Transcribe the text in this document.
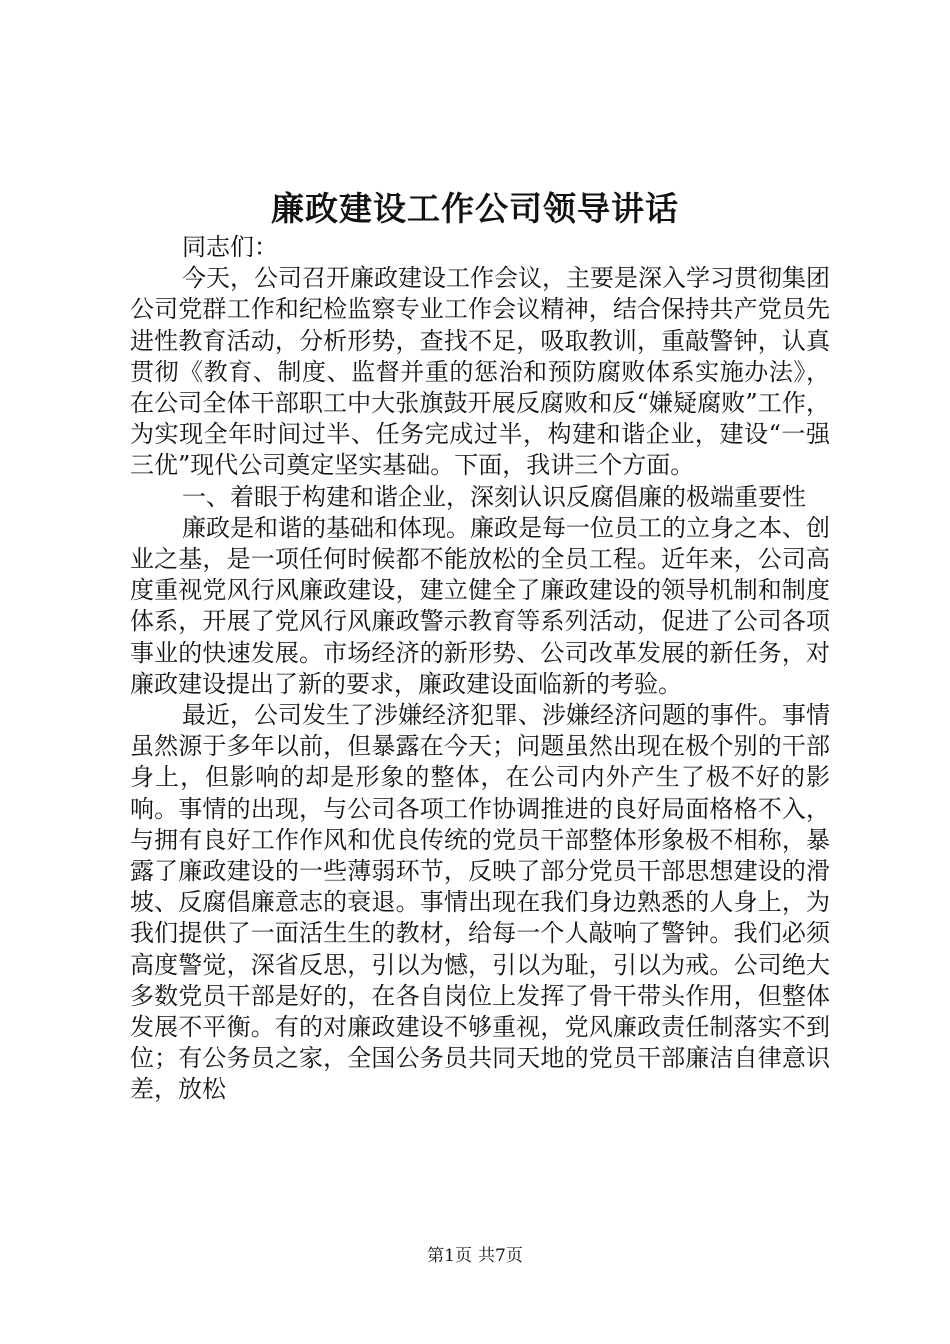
廉政建设工作公司领导讲话

同志们：

今天，公司召开廉政建设工作会议，主要是深入学习贯彻集团公司党群工作和纪检监察专业工作会议精神，结合保持共产党员先进性教育活动，分析形势，查找不足，吸取教训，重敲警钟，认真贯彻《教育、制度、监督并重的惩治和预防腐败体系实施办法》，在公司全体干部职工中大张旗鼓开展反腐败和反“嫌疑腐败”工作，为实现全年时间过半、任务完成过半，构建和谐企业，建设“一强三优”现代公司奠定坚实基础。下面，我讲三个方面。

一、着眼于构建和谐企业，深刻认识反腐倡廉的极端重要性

廉政是和谐的基础和体现。廉政是每一位员工的立身之本、创业之基，是一项任何时候都不能放松的全员工程。近年来，公司高度重视党风行风廉政建设，建立健全了廉政建设的领导机制和制度体系，开展了党风行风廉政警示教育等系列活动，促进了公司各项事业的快速发展。市场经济的新形势、公司改革发展的新任务，对廉政建设提出了新的要求，廉政建设面临新的考验。

最近，公司发生了涉嫌经济犯罪、涉嫌经济问题的事件。事情虽然源于多年以前，但暴露在今天；问题虽然出现在极个别的干部身上，但影响的却是形象的整体，在公司内外产生了极不好的影响。事情的出现，与公司各项工作协调推进的良好局面格格不入，与拥有良好工作作风和优良传统的党员干部整体形象极不相称，暴露了廉政建设的一些薄弱环节，反映了部分党员干部思想建设的滑坡、反腐倡廉意志的衰退。事情出现在我们身边熟悉的人身上，为我们提供了一面活生生的教材，给每一个人敲响了警钟。我们必须高度警觉，深省反思，引以为憾，引以为耻，引以为戒。公司绝大多数党员干部是好的，在各自岗位上发挥了骨干带头作用，但整体发展不平衡。有的对廉政建设不够重视，党风廉政责任制落实不到位；有公务员之家，全国公务员共同天地的党员干部廉洁自律意识差，放松

第1页 共7页
